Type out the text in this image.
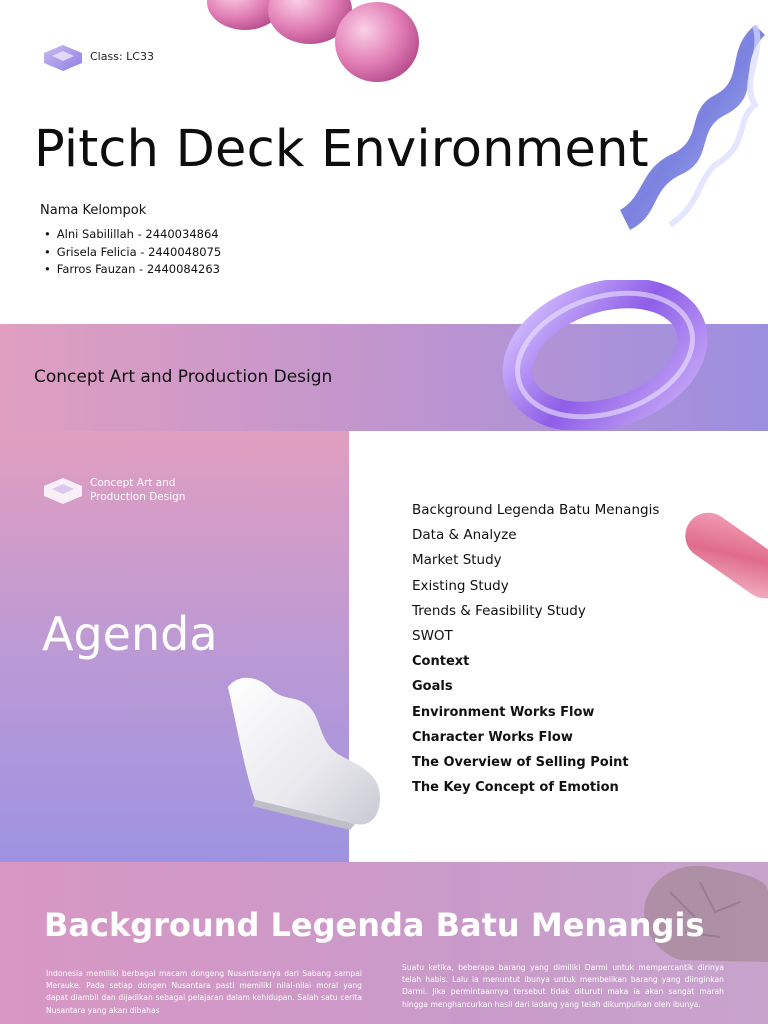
Class: LC33
Pitch Deck Environment
Nama Kelompok
• Alni Sabilillah - 2440034864
• Grisela Felicia - 2440048075
• Farros Fauzan - 2440084263
Concept Art and Production Design
Concept Art and Production Design
Agenda
Background Legenda Batu Menangis
Data & Analyze
Market Study
Existing Study
Trends & Feasibility Study
SWOT
Context
Goals
Environment Works Flow
Character Works Flow
The Overview of Selling Point
The Key Concept of Emotion
Background Legenda Batu Menangis

Indonesia memiliki berbagai macam dongeng Nusantaranya dari Sabang sampai Merauke. Pada setiap dongen Nusantara pasti memiliki nilai-nilai moral yang dapat diambil dan dijadikan sebagai pelajaran dalam kehidupan. Salah satu cerita Nusantara yang akan dibahas

Suatu ketika, beberapa barang yang dimiliki Darmi untuk mempercantik dirinya telah habis. Lalu ia menuntut ibunya untuk membelikan barang yang diinginkan Darmi. Jika permintaannya tersebut tidak dituruti maka ia akan sangat marah hingga menghancurkan hasil dari ladang yang telah dikumpulkan oleh ibunya.
